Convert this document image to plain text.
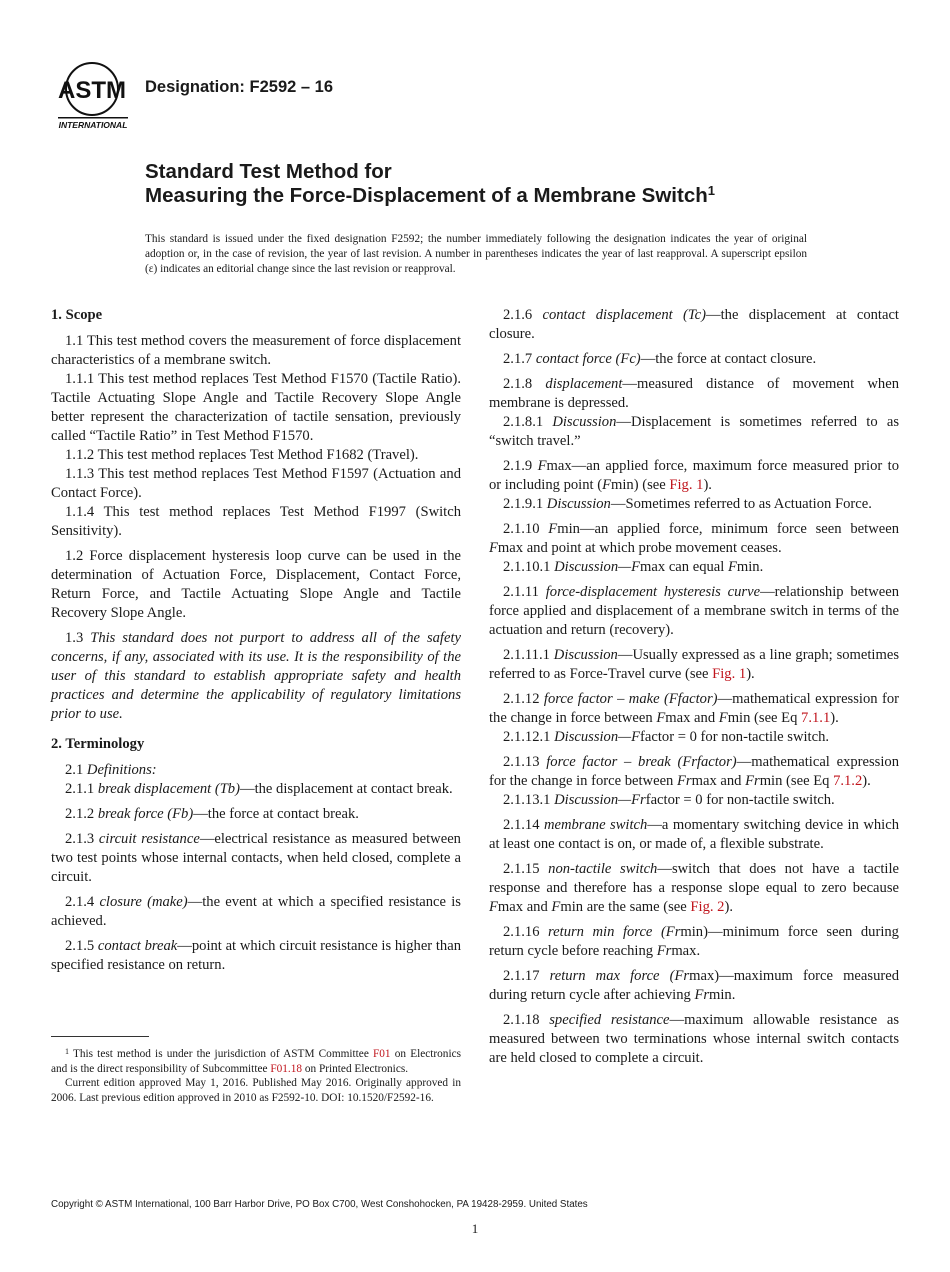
ASTM
INTERNATIONAL
Designation: F2592 – 16
Standard Test Method for
Measuring the Force-Displacement of a Membrane Switch$^1$
This standard is issued under the fixed designation F2592; the number immediately following the designation indicates the year of original adoption or, in the case of revision, the year of last revision. A number in parentheses indicates the year of last reapproval. A superscript epsilon (ε) indicates an editorial change since the last revision or reapproval.
1. Scope

1.1 This test method covers the measurement of force displacement characteristics of a membrane switch.

1.1.1 This test method replaces Test Method F1570 (Tactile Ratio). Tactile Actuating Slope Angle and Tactile Recovery Slope Angle better represent the characterization of tactile sensation, previously called “Tactile Ratio” in Test Method F1570.

1.1.2 This test method replaces Test Method F1682 (Travel).

1.1.3 This test method replaces Test Method F1597 (Actuation and Contact Force).

1.1.4 This test method replaces Test Method F1997 (Switch Sensitivity).

1.2 Force displacement hysteresis loop curve can be used in the determination of Actuation Force, Displacement, Contact Force, Return Force, and Tactile Actuating Slope Angle and Tactile Recovery Slope Angle.

1.3 This standard does not purport to address all of the safety concerns, if any, associated with its use. It is the responsibility of the user of this standard to establish appropriate safety and health practices and determine the applicability of regulatory limitations prior to use.

2. Terminology

2.1 Definitions:

2.1.1 break displacement (Tb)—the displacement at contact break.

2.1.2 break force (Fb)—the force at contact break.

2.1.3 circuit resistance—electrical resistance as measured between two test points whose internal contacts, when held closed, complete a circuit.

2.1.4 closure (make)—the event at which a specified resistance is achieved.

2.1.5 contact break—point at which circuit resistance is higher than specified resistance on return.

2.1.6 contact displacement (Tc)—the displacement at contact closure.

2.1.7 contact force (Fc)—the force at contact closure.

2.1.8 displacement—measured distance of movement when membrane is depressed.

2.1.8.1 Discussion—Displacement is sometimes referred to as “switch travel.”

2.1.9 Fmax—an applied force, maximum force measured prior to or including point (Fmin) (see Fig. 1).

2.1.9.1 Discussion—Sometimes referred to as Actuation Force.

2.1.10 Fmin—an applied force, minimum force seen between Fmax and point at which probe movement ceases.

2.1.10.1 Discussion—Fmax can equal Fmin.

2.1.11 force-displacement hysteresis curve—relationship between force applied and displacement of a membrane switch in terms of the actuation and return (recovery).

2.1.11.1 Discussion—Usually expressed as a line graph; sometimes referred to as Force-Travel curve (see Fig. 1).

2.1.12 force factor – make (Ffactor)—mathematical expression for the change in force between Fmax and Fmin (see Eq 7.1.1).

2.1.12.1 Discussion—Ffactor = 0 for non-tactile switch.

2.1.13 force factor – break (Frfactor)—mathematical expression for the change in force between Frmax and Frmin (see Eq 7.1.2).

2.1.13.1 Discussion—Frfactor = 0 for non-tactile switch.

2.1.14 membrane switch—a momentary switching device in which at least one contact is on, or made of, a flexible substrate.

2.1.15 non-tactile switch—switch that does not have a tactile response and therefore has a response slope equal to zero because Fmax and Fmin are the same (see Fig. 2).

2.1.16 return min force (Frmin)—minimum force seen during return cycle before reaching Frmax.

2.1.17 return max force (Frmax)—maximum force measured during return cycle after achieving Frmin.

2.1.18 specified resistance—maximum allowable resistance as measured between two terminations whose internal switch contacts are held closed to complete a circuit.

$^1$ This test method is under the jurisdiction of ASTM Committee F01 on Electronics and is the direct responsibility of Subcommittee F01.18 on Printed Electronics.

Current edition approved May 1, 2016. Published May 2016. Originally approved in 2006. Last previous edition approved in 2010 as F2592-10. DOI: 10.1520/F2592-16.

Copyright © ASTM International, 100 Barr Harbor Drive, PO Box C700, West Conshohocken, PA 19428-2959. United States
1
